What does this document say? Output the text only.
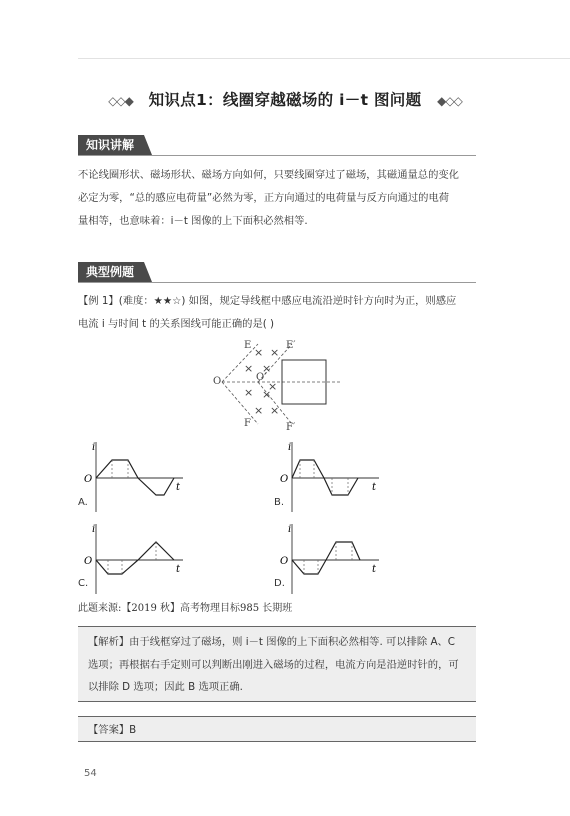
◇◇◆ 知识点1：线圈穿越磁场的 i－t 图问题 ◆◇◇
知识讲解

不论线圈形状、磁场形状、磁场方向如何，只要线圈穿过了磁场，其磁通量总的变化

必定为零，“总的感应电荷量”必然为零，正方向通过的电荷量与反方向通过的电荷

量相等，也意味着：i－t 图像的上下面积必然相等.

典型例题
【例 1】(难度：★★☆) 如图，规定导线框中感应电流沿逆时针方向时为正，则感应
电流 i 与时间 t 的关系图线可能正确的是( )
E	E′
O	O′
F	F′
× ×
× ×
×
× ×
× ×
i
t
O
A.
i
t
O
B.
i
t
O
C.
i
t
O
D.
此题来源:【2019 秋】高考物理目标985 长期班
【解析】由于线框穿过了磁场，则 i－t 图像的上下面积必然相等. 可以排除 A、C
选项；再根据右手定则可以判断出刚进入磁场的过程，电流方向是沿逆时针的，可
以排除 D 选项；因此 B 选项正确.
【答案】B
54
